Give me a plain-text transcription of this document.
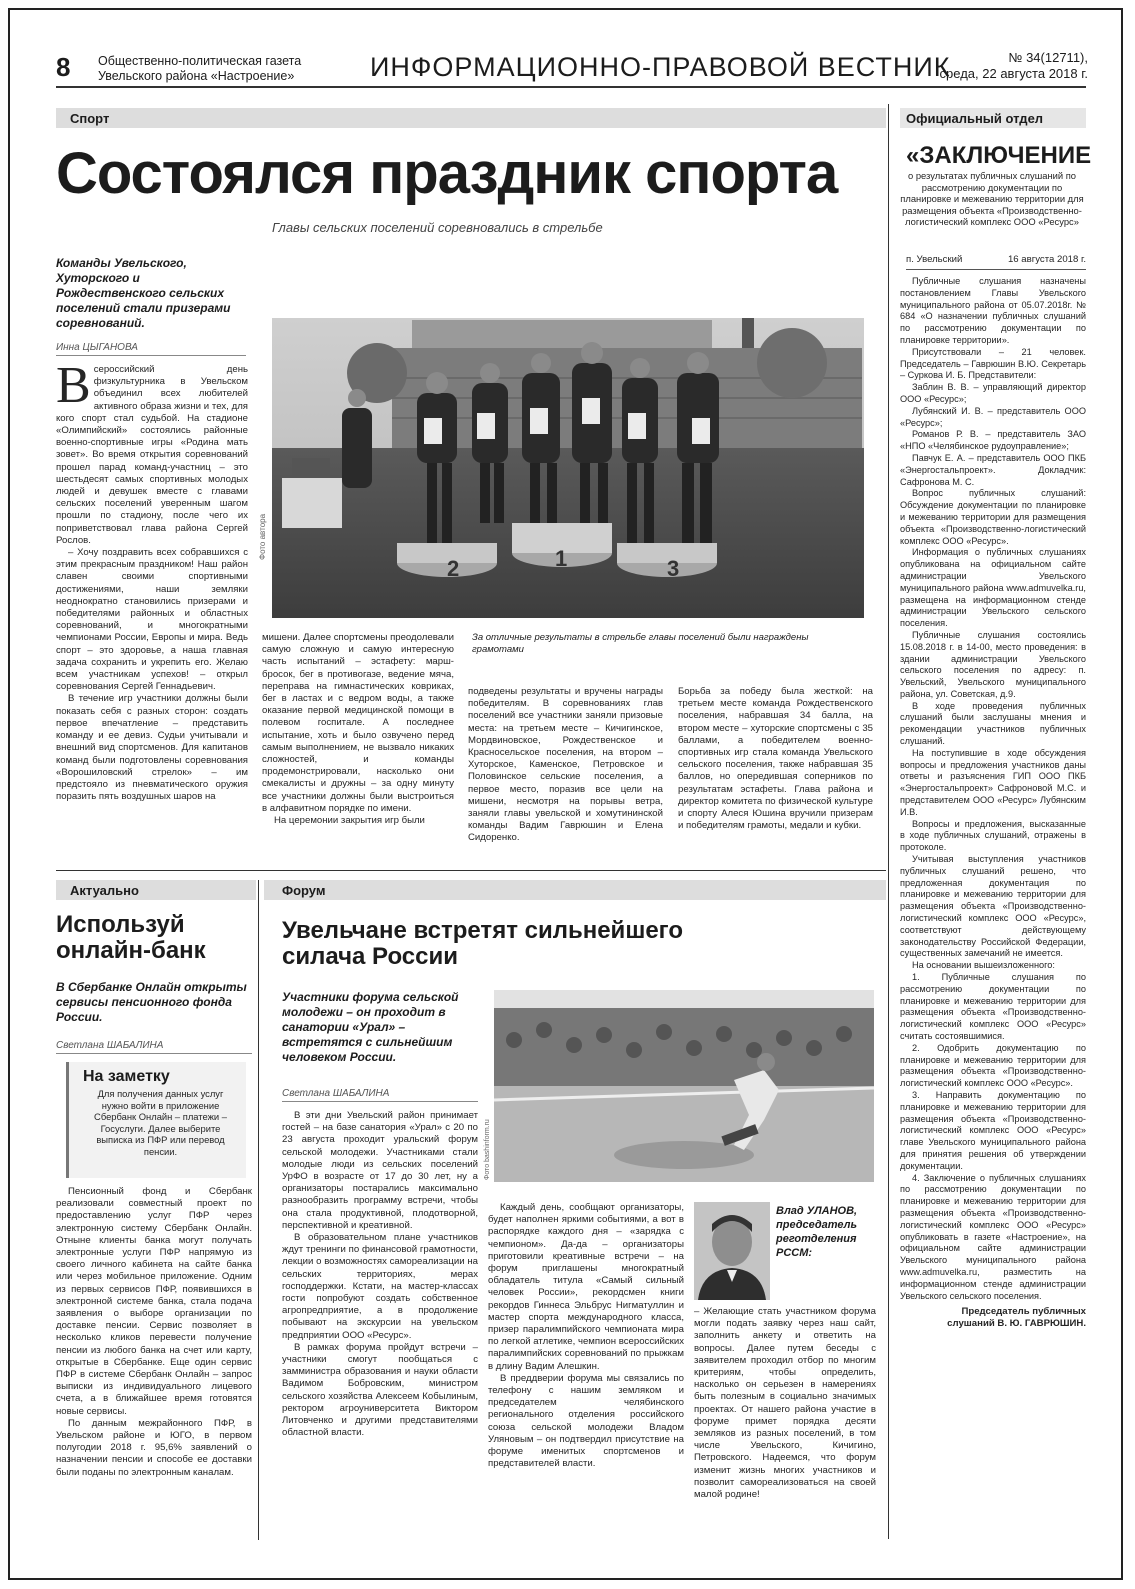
8 Общественно-политическая газета
Увельского района «Настроение»	ИНФОРМАЦИОННО-ПРАВОВОЙ ВЕСТНИК	№ 34(12711),
среда, 22 августа 2018 г.
Спорт	Официальный отдел
Состоялся праздник спорта
Главы сельских поселений соревновались в стрельбе
Команды Увельского, Хуторского и Рождественского сельских поселений стали призерами соревнований.
Инна ЦЫГАНОВА
В сероссийский день физкультурника в Увельском объединил всех любителей активного образа жизни и тех, для кого спорт стал судьбой. На стадионе «Олимпийский» состоялись районные военно-спортивные игры «Родина мать зовет». Во время открытия соревнований прошел парад команд-участниц – это шестьдесят самых спортивных молодых людей и девушек вместе с главами сельских поселений уверенным шагом прошли по стадиону, после чего их поприветствовал глава района Сергей Рослов.

– Хочу поздравить всех собравшихся с этим прекрасным праздником! Наш район славен своими спортивными достижениями, наши земляки неоднократно становились призерами и победителями районных и областных соревнований, и многократными чемпионами России, Европы и мира. Ведь спорт – это здоровье, а наша главная задача сохранить и укрепить его. Желаю всем участникам успехов! – открыл соревнования Сергей Геннадьевич.

В течение игр участники должны были показать себя с разных сторон: создать первое впечатление – представить команду и ее девиз. Судьи учитывали и внешний вид спортсменов. Для капитанов команд были подготовлены соревнования «Ворошиловский стрелок» – им предстояло из пневматического оружия поразить пять воздушных шаров на

2	1	3
Фото автора
За отличные результаты в стрельбе главы поселений были награждены грамотами
мишени. Далее спортсмены преодолевали самую сложную и самую интересную часть испытаний – эстафету: марш-бросок, бег в противогазе, ведение мяча, переправа на гимнастических ковриках, бег в ластах и с ведром воды, а также оказание первой медицинской помощи в полевом госпитале. А последнее испытание, хоть и было озвучено перед самым выполнением, не вызвало никаких сложностей, и команды продемонстрировали, насколько они смекалисты и дружны – за одну минуту все участники должны были выстроиться в алфавитном порядке по имени.

На церемонии закрытия игр были

подведены результаты и вручены награды победителям. В соревнованиях глав поселений все участники заняли призовые места: на третьем месте – Кичигинское, Мордвиновское, Рождественское и Красносельское поселения, на втором – Хуторское, Каменское, Петровское и Половинское сельские поселения, а первое место, поразив все цели на мишени, несмотря на порывы ветра, заняли главы увельской и хомутининской команды Вадим Гаврюшин и Елена Сидоренко.
Борьба за победу была жесткой: на третьем месте команда Рождественского поселения, набравшая 34 балла, на втором месте – хуторские спортсмены с 35 баллами, а победителем военно-спортивных игр стала команда Увельского сельского поселения, также набравшая 35 баллов, но опередившая соперников по результатам эстафеты. Глава района и директор комитета по физической культуре и спорту Алеся Юшина вручили призерам и победителям грамоты, медали и кубки.
«ЗАКЛЮЧЕНИЕ
о результатах публичных слушаний по рассмотрению документации по планировке и межеванию территории для размещения объекта «Производственно-логистический комплекс ООО «Ресурс»
п. Увельский	16 августа 2018 г.

Публичные слушания назначены постановлением Главы Увельского муниципального района от 05.07.2018г. № 684 «О назначении публичных слушаний по рассмотрению документации по планировке территории».

Присутствовали – 21 человек. Председатель – Гаврюшин В.Ю. Секретарь – Суркова И. Б. Представители:

Заблин В. В. – управляющий директор ООО «Ресурс»;

Лубянский И. В. – представитель ООО «Ресурс»;

Романов Р. В. – представитель ЗАО «НПО «Челябинское рудоуправление»;

Павчук Е. А. – представитель ООО ПКБ «Энергостальпроект». Докладчик: Сафронова М. С.

Вопрос публичных слушаний: Обсуждение документации по планировке и межеванию территории для размещения объекта «Производственно-логистический комплекс ООО «Ресурс».

Информация о публичных слушаниях опубликована на официальном сайте администрации Увельского муниципального района www.admuvelka.ru, размещена на информационном стенде администрации Увельского сельского поселения.

Публичные слушания состоялись 15.08.2018 г. в 14-00, место проведения: в здании администрации Увельского сельского поселения по адресу: п. Увельский, Увельского муниципального района, ул. Советская, д.9.

В ходе проведения публичных слушаний были заслушаны мнения и рекомендации участников публичных слушаний.

На поступившие в ходе обсуждения вопросы и предложения участников даны ответы и разъяснения ГИП ООО ПКБ «Энергостальпроект» Сафроновой М.С. и представителем ООО «Ресурс» Лубянским И.В.

Вопросы и предложения, высказанные в ходе публичных слушаний, отражены в протоколе.

Учитывая выступления участников публичных слушаний решено, что предложенная документация по планировке и межеванию территории для размещения объекта «Производственно-логистический комплекс ООО «Ресурс», соответствуют действующему законодательству Российской Федерации, существенных замечаний не имеется.

На основании вышеизложенного:

1. Публичные слушания по рассмотрению документации по планировке и межеванию территории для размещения объекта «Производственно-логистический комплекс ООО «Ресурс» считать состоявшимися.

2. Одобрить документацию по планировке и межеванию территории для размещения объекта «Производственно-логистический комплекс ООО «Ресурс».

3. Направить документацию по планировке и межеванию территории для размещения объекта «Производственно-логистический комплекс ООО «Ресурс» главе Увельского муниципального района для принятия решения об утверждении документации.

4. Заключение о публичных слушаниях по рассмотрению документации по планировке и межеванию территории для размещения объекта «Производственно-логистический комплекс ООО «Ресурс» опубликовать в газете «Настроение», на официальном сайте администрации Увельского муниципального района www.admuvelka.ru, разместить на информационном стенде администрации Увельского сельского поселения.

Председатель публичных
слушаний В. Ю. ГАВРЮШИН.
Актуально	Форум
Используй онлайн-банк
В Сбербанке Онлайн открыты сервисы пенсионного фонда России.
Светлана ШАБАЛИНА
На заметку
Для получения данных услуг нужно войти в приложение Сбербанк Онлайн – платежи – Госуслуги. Далее выберите выписка из ПФР или перевод пенсии.

Пенсионный фонд и Сбербанк реализовали совместный проект по предоставлению услуг ПФР через электронную систему Сбербанк Онлайн. Отныне клиенты банка могут получать электронные услуги ПФР напрямую из своего личного кабинета на сайте банка или через мобильное приложение. Одним из первых сервисов ПФР, появившихся в электронной системе банка, стала подача заявления о выборе организации по доставке пенсии. Сервис позволяет в несколько кликов перевести получение пенсии из любого банка на счет или карту, открытые в Сбербанке. Еще один сервис ПФР в системе Сбербанк Онлайн – запрос выписки из индивидуального лицевого счета, а в ближайшее время готовятся новые сервисы.

По данным межрайонного ПФР, в Увельском районе и ЮГО, в первом полугодии 2018 г. 95,6% заявлений о назначении пенсии и способе ее доставки были поданы по электронным каналам.

Увельчане встретят сильнейшего силача России
Участники форума сельской молодежи – он проходит в санатории «Урал» – встретятся с сильнейшим человеком России.
Светлана ШАБАЛИНА
Фото bashinform.ru

В эти дни Увельский район принимает гостей – на базе санатория «Урал» с 20 по 23 августа проходит уральский форум сельской молодежи. Участниками стали молодые люди из сельских поселений УрФО в возрасте от 17 до 30 лет, ну а организаторы постарались максимально разнообразить программу встречи, чтобы она стала продуктивной, плодотворной, перспективной и креативной.

В образовательном плане участников ждут тренинги по финансовой грамотности, лекции о возможностях самореализации на сельских территориях, мерах господдержки. Кстати, на мастер-классах гости попробуют создать собственное агропредприятие, а в продолжение побывают на экскурсии на увельском предприятии ООО «Ресурс».

В рамках форума пройдут встречи – участники смогут пообщаться с замминистра образования и науки области Вадимом Бобровским, министром сельского хозяйства Алексеем Кобылиным, ректором агроуниверситета Виктором Литовченко и другими представителями областной власти.

Каждый день, сообщают организаторы, будет наполнен яркими событиями, а вот в распорядке каждого дня – «зарядка с чемпионом». Да-да – организаторы приготовили креативные встречи – на форум приглашены многократный обладатель титула «Самый сильный человек России», рекордсмен книги рекордов Гиннеса Эльбрус Нигматуллин и мастер спорта международного класса, призер паралимпийского чемпионата мира по легкой атлетике, чемпион всероссийских паралимпийских соревнований по прыжкам в длину Вадим Алешкин.

В преддверии форума мы связались по телефону с нашим земляком и председателем челябинского регионального отделения российского союза сельской молодежи Владом Уляновым – он подтвердил присутствие на форуме именитых спортсменов и представителей власти.

Влад УЛАНОВ,
председатель реготделения РССМ:
– Желающие стать участником форума могли подать заявку через наш сайт, заполнить анкету и ответить на вопросы. Далее путем беседы с заявителем проходил отбор по многим критериям, чтобы определить, насколько он серьезен в намерениях быть полезным в социально значимых проектах. От нашего района участие в форуме примет порядка десяти земляков из разных поселений, в том числе Увельского, Кичигино, Петровского. Надеемся, что форум изменит жизнь многих участников и позволит самореализоваться на своей малой родине!
